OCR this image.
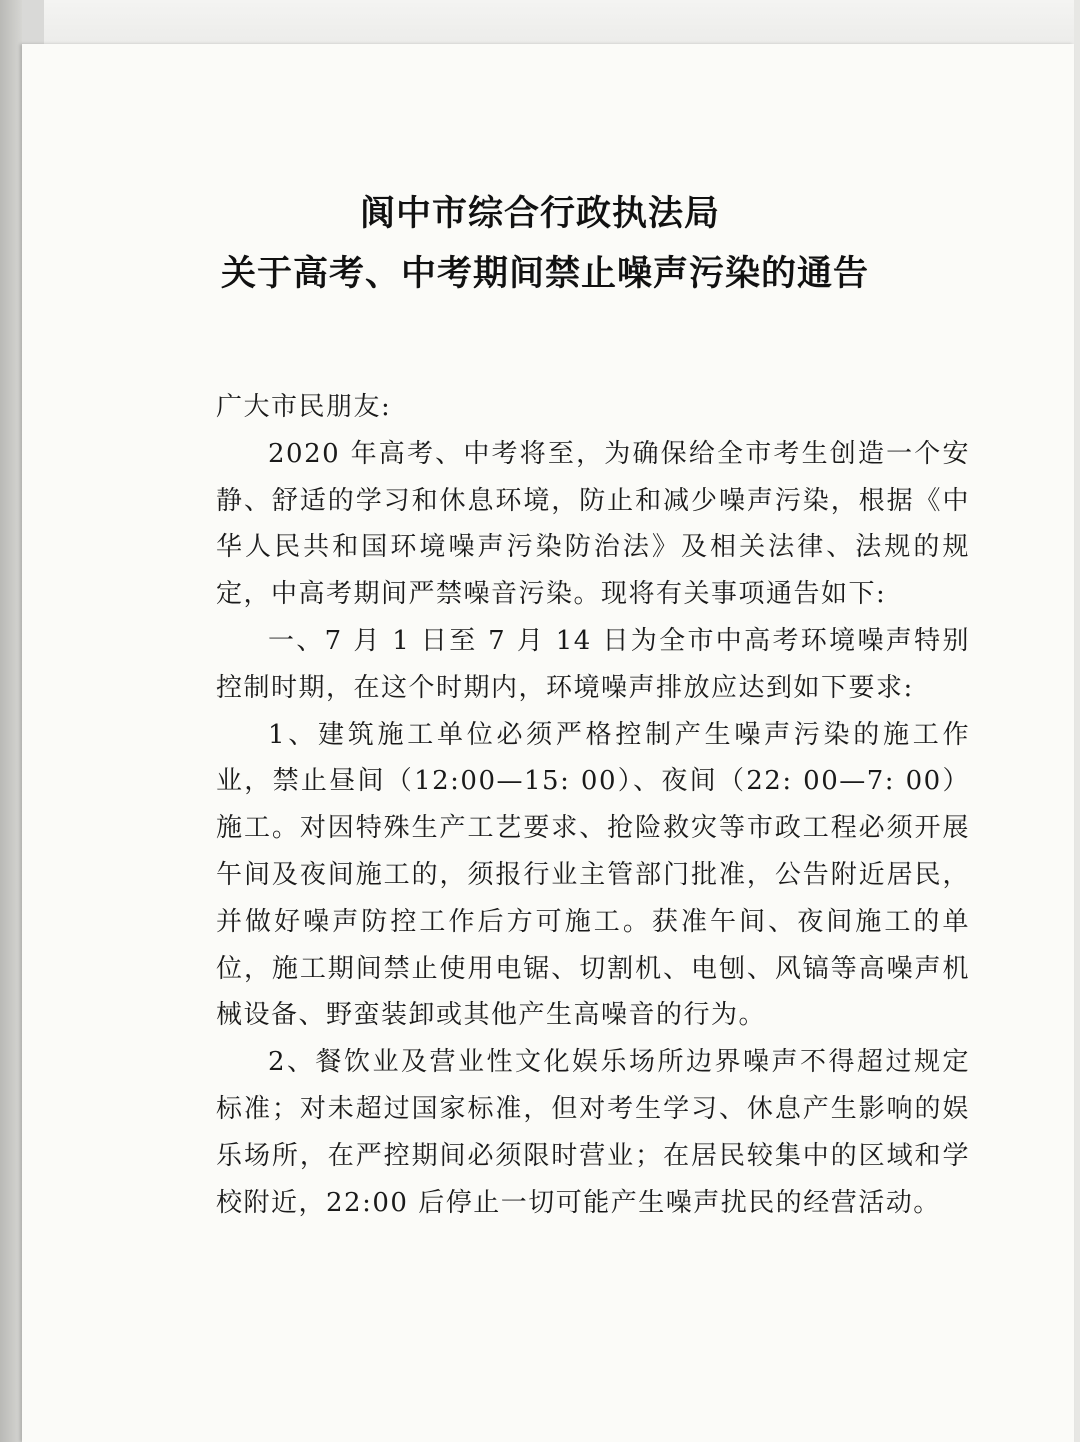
阆中市综合行政执法局
关于高考、中考期间禁止噪声污染的通告
广大市民朋友:
2020 年高考、中考将至，为确保给全市考生创造一个安静、舒适的学习和休息环境，防止和减少噪声污染，根据《中华人民共和国环境噪声污染防治法》及相关法律、法规的规定，中高考期间严禁噪音污染。现将有关事项通告如下:
一、7 月 1 日至 7 月 14 日为全市中高考环境噪声特别控制时期，在这个时期内，环境噪声排放应达到如下要求:
1、建筑施工单位必须严格控制产生噪声污染的施工作业，禁止昼间（12:00—15: 00）、夜间（22: 00—7: 00）施工。对因特殊生产工艺要求、抢险救灾等市政工程必须开展午间及夜间施工的，须报行业主管部门批准，公告附近居民，并做好噪声防控工作后方可施工。获准午间、夜间施工的单位，施工期间禁止使用电锯、切割机、电刨、风镐等高噪声机械设备、野蛮装卸或其他产生高噪音的行为。
2、餐饮业及营业性文化娱乐场所边界噪声不得超过规定标准；对未超过国家标准，但对考生学习、休息产生影响的娱乐场所，在严控期间必须限时营业；在居民较集中的区域和学校附近，22:00 后停止一切可能产生噪声扰民的经营活动。
